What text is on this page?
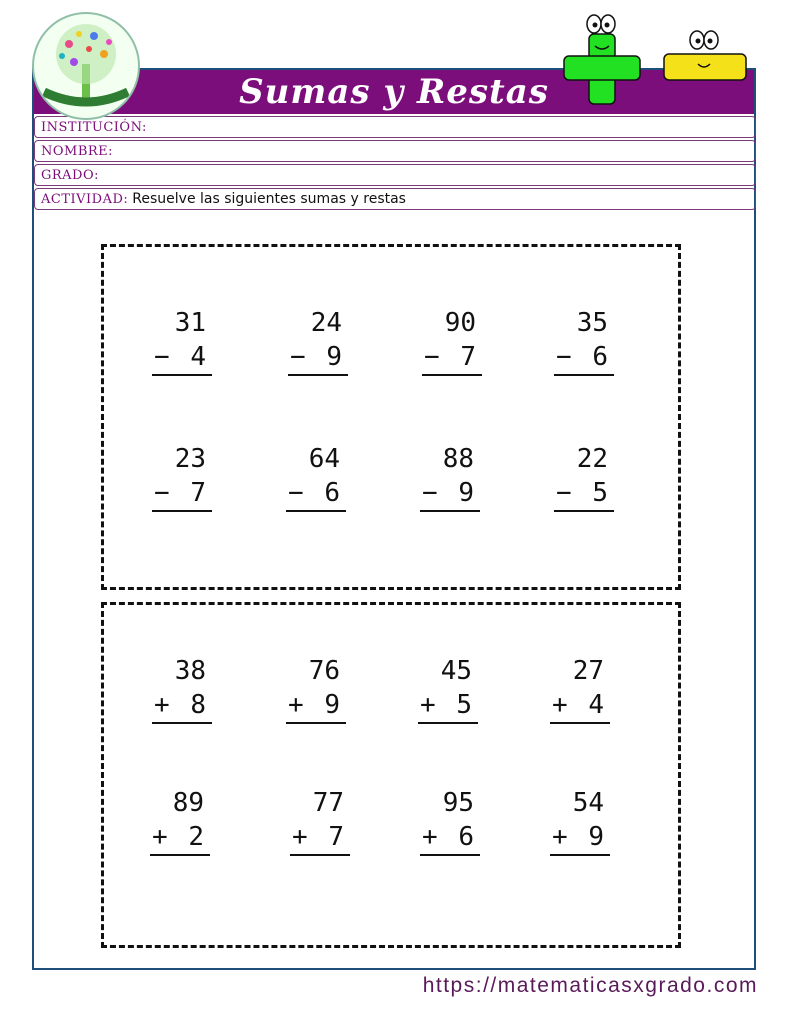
Sumas y Restas
INSTITUCIÓN:
NOMBRE:
GRADO:
ACTIVIDAD: Resuelve las siguientes sumas y restas
31
− 4
24
− 9
90
− 7
35
− 6
23
− 7
64
− 6
88
− 9
22
− 5
38
+ 8
76
+ 9
45
+ 5
27
+ 4
89
+ 2
77
+ 7
95
+ 6
54
+ 9
https://matematicasxgrado.com
